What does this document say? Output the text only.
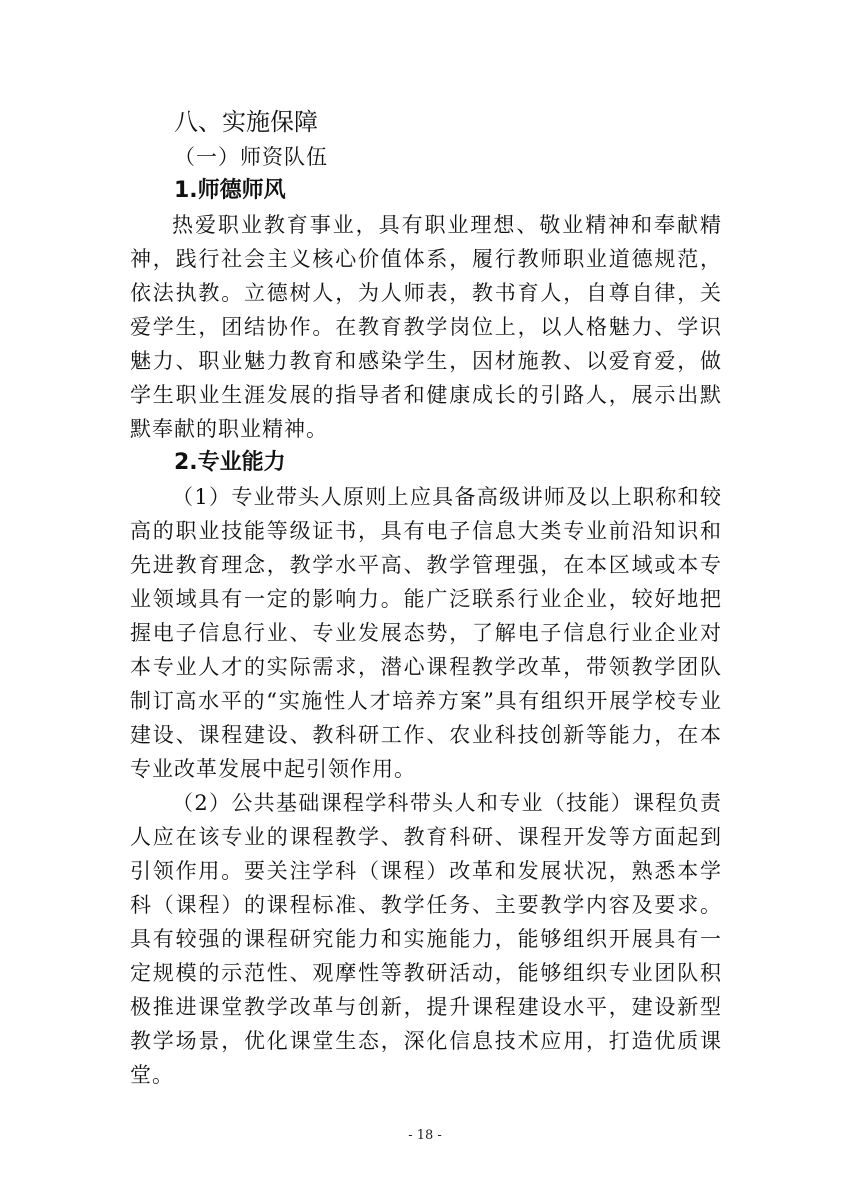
八、实施保障
（一）师资队伍
1.师德师风

热爱职业教育事业，具有职业理想、敬业精神和奉献精神，践行社会主义核心价值体系，履行教师职业道德规范，依法执教。立德树人，为人师表，教书育人，自尊自律，关爱学生，团结协作。在教育教学岗位上，以人格魅力、学识魅力、职业魅力教育和感染学生，因材施教、以爱育爱，做学生职业生涯发展的指导者和健康成长的引路人，展示出默默奉献的职业精神。

2.专业能力

（1）专业带头人原则上应具备高级讲师及以上职称和较高的职业技能等级证书，具有电子信息大类专业前沿知识和先进教育理念，教学水平高、教学管理强，在本区域或本专业领域具有一定的影响力。能广泛联系行业企业，较好地把握电子信息行业、专业发展态势，了解电子信息行业企业对本专业人才的实际需求，潜心课程教学改革，带领教学团队制订高水平的“实施性人才培养方案”具有组织开展学校专业建设、课程建设、教科研工作、农业科技创新等能力，在本专业改革发展中起引领作用。

（2）公共基础课程学科带头人和专业（技能）课程负责人应在该专业的课程教学、教育科研、课程开发等方面起到引领作用。要关注学科（课程）改革和发展状况，熟悉本学科（课程）的课程标准、教学任务、主要教学内容及要求。具有较强的课程研究能力和实施能力，能够组织开展具有一定规模的示范性、观摩性等教研活动，能够组织专业团队积极推进课堂教学改革与创新，提升课程建设水平，建设新型教学场景，优化课堂生态，深化信息技术应用，打造优质课堂。

- 18 -
